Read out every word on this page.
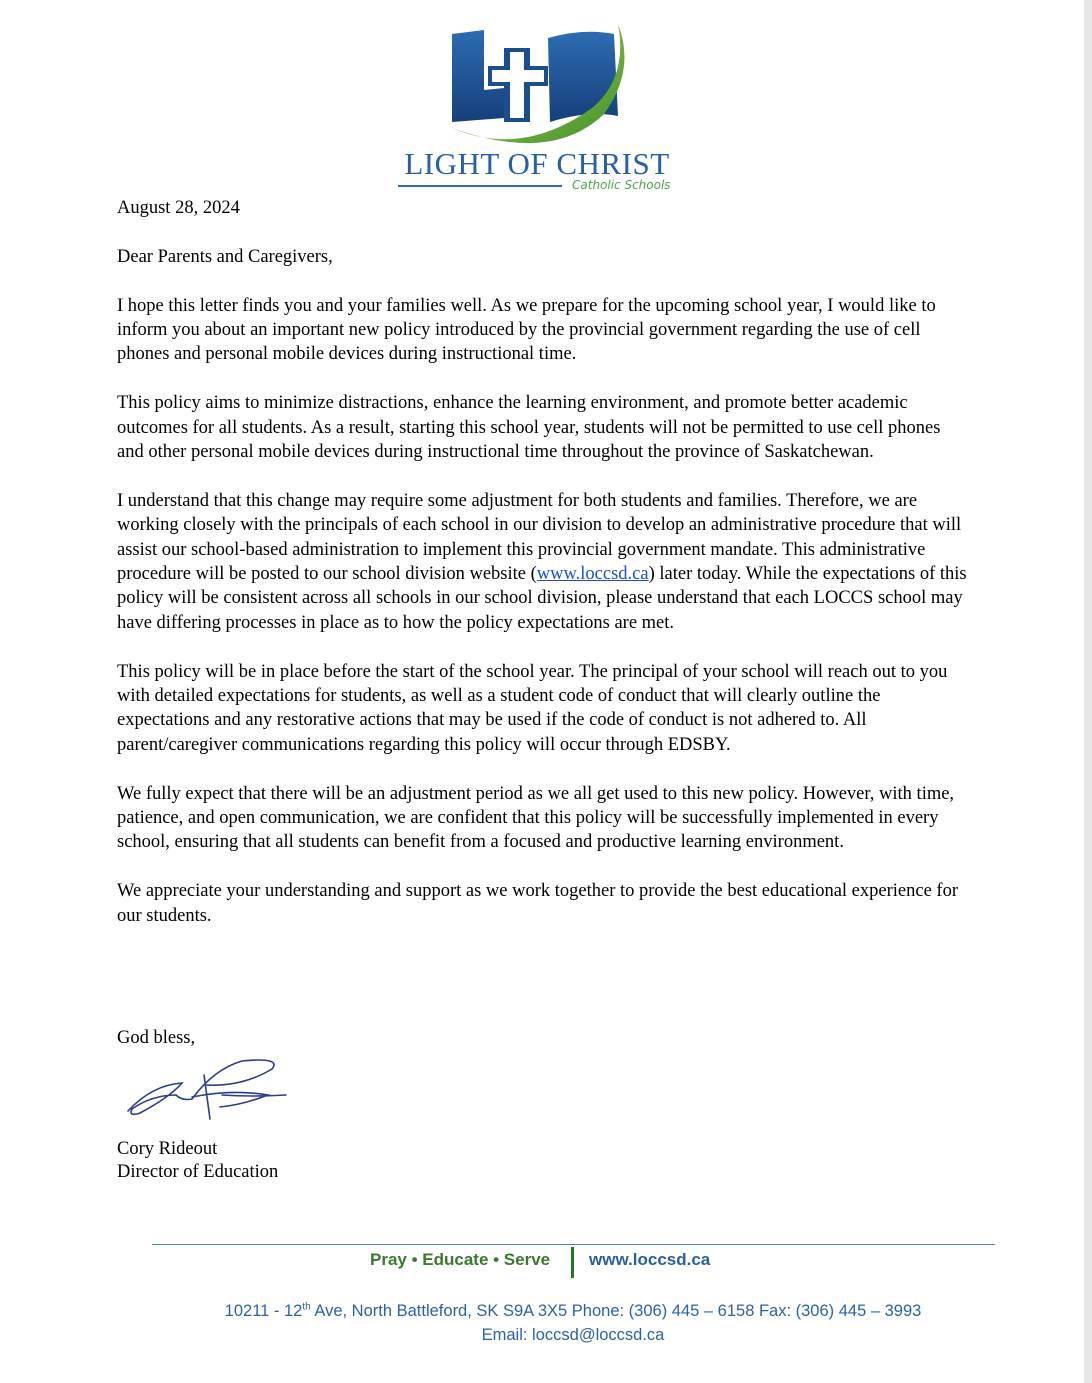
LIGHT OF CHRIST
Catholic Schools

August 28, 2024

Dear Parents and Caregivers,

I hope this letter finds you and your families well. As we prepare for the upcoming school year, I would like to inform you about an important new policy introduced by the provincial government regarding the use of cell phones and personal mobile devices during instructional time.

This policy aims to minimize distractions, enhance the learning environment, and promote better academic outcomes for all students. As a result, starting this school year, students will not be permitted to use cell phones and other personal mobile devices during instructional time throughout the province of Saskatchewan.

I understand that this change may require some adjustment for both students and families. Therefore, we are working closely with the principals of each school in our division to develop an administrative procedure that will assist our school-based administration to implement this provincial government mandate. This administrative procedure will be posted to our school division website (www.loccsd.ca) later today. While the expectations of this policy will be consistent across all schools in our school division, please understand that each LOCCS school may have differing processes in place as to how the policy expectations are met.

This policy will be in place before the start of the school year. The principal of your school will reach out to you with detailed expectations for students, as well as a student code of conduct that will clearly outline the expectations and any restorative actions that may be used if the code of conduct is not adhered to. All parent/caregiver communications regarding this policy will occur through EDSBY.

We fully expect that there will be an adjustment period as we all get used to this new policy. However, with time, patience, and open communication, we are confident that this policy will be successfully implemented in every school, ensuring that all students can benefit from a focused and productive learning environment.

We appreciate your understanding and support as we work together to provide the best educational experience for our students.

God bless,
Cory Rideout
Director of Education
Pray • Educate • Serve www.loccsd.ca
10211 - 12th Ave, North Battleford, SK S9A 3X5 Phone: (306) 445 – 6158 Fax: (306) 445 – 3993
Email: loccsd@loccsd.ca
